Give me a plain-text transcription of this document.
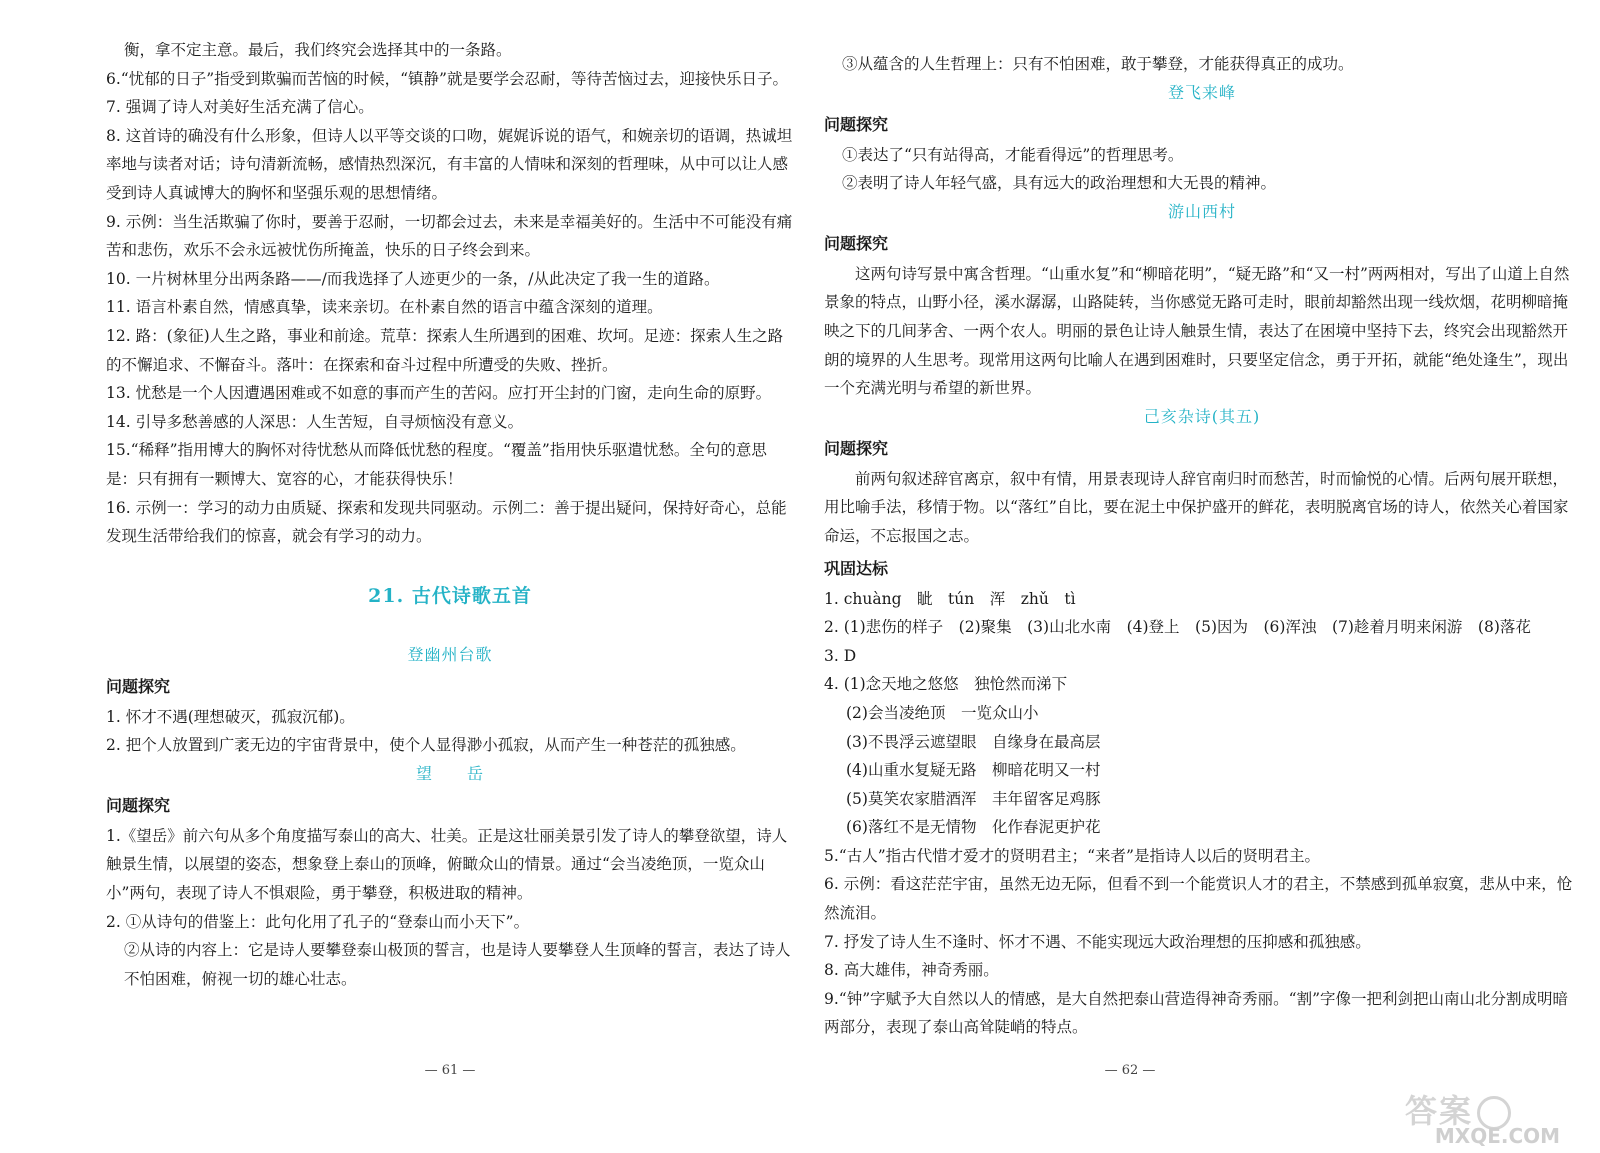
衡，拿不定主意。最后，我们终究会选择其中的一条路。

6.“忧郁的日子”指受到欺骗而苦恼的时候，“镇静”就是要学会忍耐，等待苦恼过去，迎接快乐日子。

7. 强调了诗人对美好生活充满了信心。

8. 这首诗的确没有什么形象，但诗人以平等交谈的口吻，娓娓诉说的语气，和婉亲切的语调，热诚坦率地与读者对话；诗句清新流畅，感情热烈深沉，有丰富的人情味和深刻的哲理味，从中可以让人感受到诗人真诚博大的胸怀和坚强乐观的思想情绪。

9. 示例：当生活欺骗了你时，要善于忍耐，一切都会过去，未来是幸福美好的。生活中不可能没有痛苦和悲伤，欢乐不会永远被忧伤所掩盖，快乐的日子终会到来。

10. 一片树林里分出两条路——/而我选择了人迹更少的一条，/从此决定了我一生的道路。

11. 语言朴素自然，情感真挚，读来亲切。在朴素自然的语言中蕴含深刻的道理。

12. 路：(象征)人生之路，事业和前途。荒草：探索人生所遇到的困难、坎坷。足迹：探索人生之路的不懈追求、不懈奋斗。落叶：在探索和奋斗过程中所遭受的失败、挫折。

13. 忧愁是一个人因遭遇困难或不如意的事而产生的苦闷。应打开尘封的门窗，走向生命的原野。

14. 引导多愁善感的人深思：人生苦短，自寻烦恼没有意义。

15.“稀释”指用博大的胸怀对待忧愁从而降低忧愁的程度。“覆盖”指用快乐驱遣忧愁。全句的意思是：只有拥有一颗博大、宽容的心，才能获得快乐！

16. 示例一：学习的动力由质疑、探索和发现共同驱动。示例二：善于提出疑问，保持好奇心，总能发现生活带给我们的惊喜，就会有学习的动力。

21. 古代诗歌五首
登幽州台歌
问题探究

1. 怀才不遇(理想破灭，孤寂沉郁)。

2. 把个人放置到广袤无边的宇宙背景中，使个人显得渺小孤寂，从而产生一种苍茫的孤独感。

望　　岳
问题探究

1.《望岳》前六句从多个角度描写泰山的高大、壮美。正是这壮丽美景引发了诗人的攀登欲望，诗人触景生情，以展望的姿态，想象登上泰山的顶峰，俯瞰众山的情景。通过“会当凌绝顶，一览众山小”两句，表现了诗人不惧艰险，勇于攀登，积极进取的精神。

2. ①从诗句的借鉴上：此句化用了孔子的“登泰山而小天下”。

②从诗的内容上：它是诗人要攀登泰山极顶的誓言，也是诗人要攀登人生顶峰的誓言，表达了诗人不怕困难，俯视一切的雄心壮志。

③从蕴含的人生哲理上：只有不怕困难，敢于攀登，才能获得真正的成功。

登飞来峰
问题探究

①表达了“只有站得高，才能看得远”的哲理思考。

②表明了诗人年轻气盛，具有远大的政治理想和大无畏的精神。

游山西村
问题探究

这两句诗写景中寓含哲理。“山重水复”和“柳暗花明”，“疑无路”和“又一村”两两相对，写出了山道上自然景象的特点，山野小径，溪水潺潺，山路陡转，当你感觉无路可走时，眼前却豁然出现一线炊烟，花明柳暗掩映之下的几间茅舍、一两个农人。明丽的景色让诗人触景生情，表达了在困境中坚持下去，终究会出现豁然开朗的境界的人生思考。现常用这两句比喻人在遇到困难时，只要坚定信念，勇于开拓，就能“绝处逢生”，现出一个充满光明与希望的新世界。

己亥杂诗(其五)
问题探究

前两句叙述辞官离京，叙中有情，用景表现诗人辞官南归时而愁苦，时而愉悦的心情。后两句展开联想，用比喻手法，移情于物。以“落红”自比，要在泥土中保护盛开的鲜花，表明脱离官场的诗人，依然关心着国家命运，不忘报国之志。

巩固达标

1. chuàng　眦　tún　浑　zhǔ　tì

2. (1)悲伤的样子　(2)聚集　(3)山北水南　(4)登上　(5)因为　(6)浑浊　(7)趁着月明来闲游　(8)落花

3. D

4. (1)念天地之悠悠　独怆然而涕下

(2)会当凌绝顶　一览众山小

(3)不畏浮云遮望眼　自缘身在最高层

(4)山重水复疑无路　柳暗花明又一村

(5)莫笑农家腊酒浑　丰年留客足鸡豚

(6)落红不是无情物　化作春泥更护花

5.“古人”指古代惜才爱才的贤明君主；“来者”是指诗人以后的贤明君主。

6. 示例：看这茫茫宇宙，虽然无边无际，但看不到一个能赏识人才的君主，不禁感到孤单寂寞，悲从中来，怆然流泪。

7. 抒发了诗人生不逢时、怀才不遇、不能实现远大政治理想的压抑感和孤独感。

8. 高大雄伟，神奇秀丽。

9.“钟”字赋予大自然以人的情感，是大自然把泰山营造得神奇秀丽。“割”字像一把利剑把山南山北分割成明暗两部分，表现了泰山高耸陡峭的特点。

— 61 —	— 62 —
答案
MXQE.COM
